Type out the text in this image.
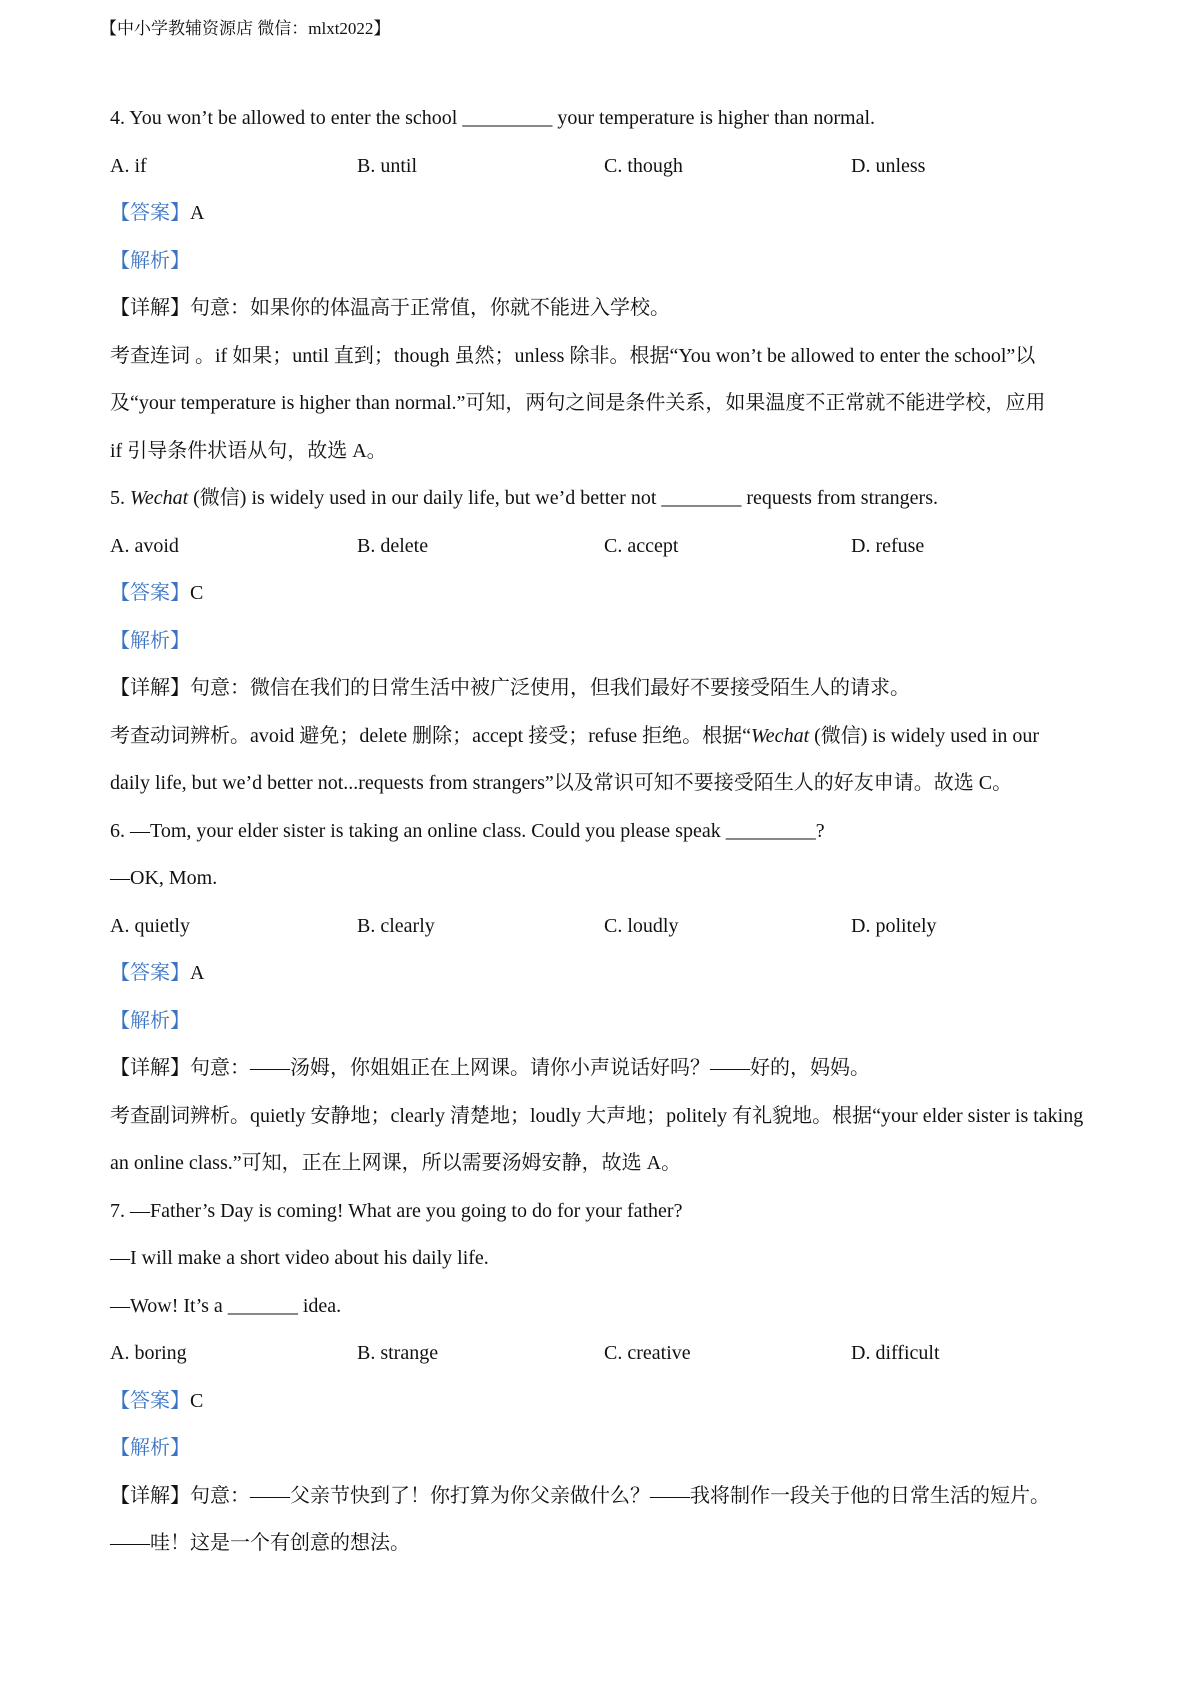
【中小学教辅资源店 微信：mlxt2022】
4. You won’t be allowed to enter the school _________ your temperature is higher than normal.
A. if	B. until	C. though	D. unless
【答案】A
【解析】
【详解】句意：如果你的体温高于正常值，你就不能进入学校。
考查连词 。if 如果；until 直到；though 虽然；unless 除非。根据“You won’t be allowed to enter the school”以
及“your temperature is higher than normal.”可知，两句之间是条件关系，如果温度不正常就不能进学校，应用
if 引导条件状语从句，故选 A。
5. Wechat (微信) is widely used in our daily life, but we’d better not ________ requests from strangers.
A. avoid	B. delete	C. accept	D. refuse
【答案】C
【解析】
【详解】句意：微信在我们的日常生活中被广泛使用，但我们最好不要接受陌生人的请求。
考查动词辨析。avoid 避免；delete 删除；accept 接受；refuse 拒绝。根据“Wechat (微信) is widely used in our
daily life, but we’d better not...requests from strangers”以及常识可知不要接受陌生人的好友申请。故选 C。
6. —Tom, your elder sister is taking an online class. Could you please speak _________?
—OK, Mom.
A. quietly	B. clearly	C. loudly	D. politely
【答案】A
【解析】
【详解】句意：——汤姆，你姐姐正在上网课。请你小声说话好吗？——好的，妈妈。
考查副词辨析。quietly 安静地；clearly 清楚地；loudly 大声地；politely 有礼貌地。根据“your elder sister is taking
an online class.”可知，正在上网课，所以需要汤姆安静，故选 A。
7. —Father’s Day is coming! What are you going to do for your father?
—I will make a short video about his daily life.
—Wow! It’s a _______ idea.
A. boring	B. strange	C. creative	D. difficult
【答案】C
【解析】
【详解】句意：——父亲节快到了！你打算为你父亲做什么？——我将制作一段关于他的日常生活的短片。
——哇！这是一个有创意的想法。
